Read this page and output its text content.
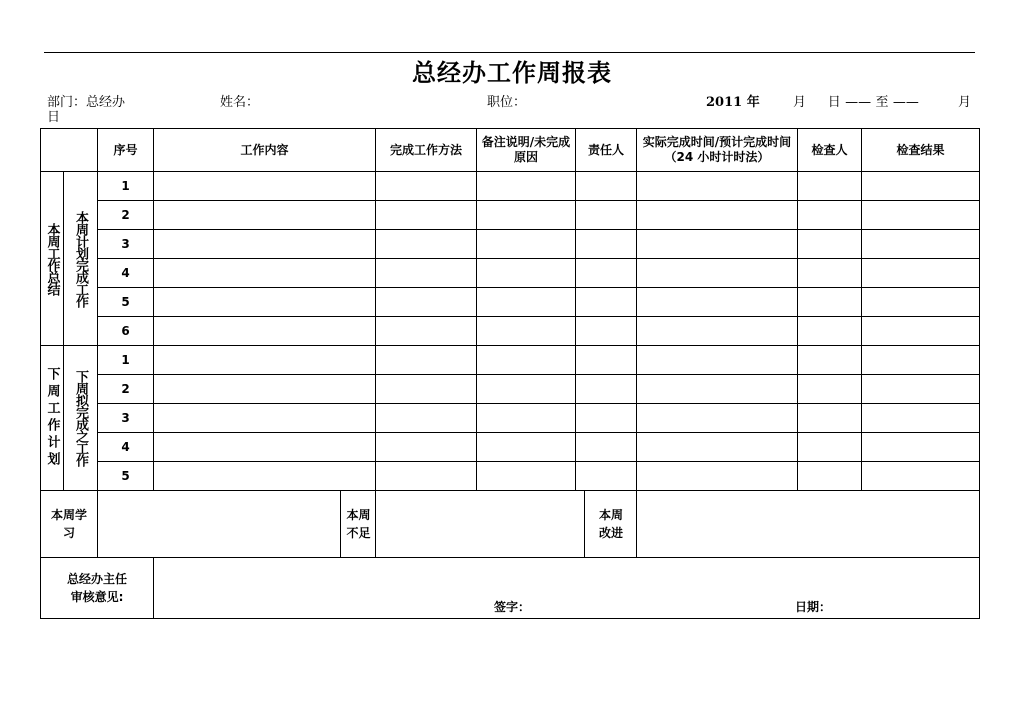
总经办工作周报表
部门：总经办	姓名：	职位：	2011 年	月　日——至——　　月
日
		序号	工作内容	完成工作方法	备注说明/未完成原因	责任人	实际完成时间/预计完成时间（24 小时计时法）	检查人	检查结果

本周工作总结	本周计划完成工作	1							
		2							
		3							
		4							
		5							
		6							

下周工作计划	下周拟完成之工作	1							
		2							
		3							
		4							
		5							

本周学习		本周不足		本周改进					

总经办主任审核意见:			签字： 日期：						
